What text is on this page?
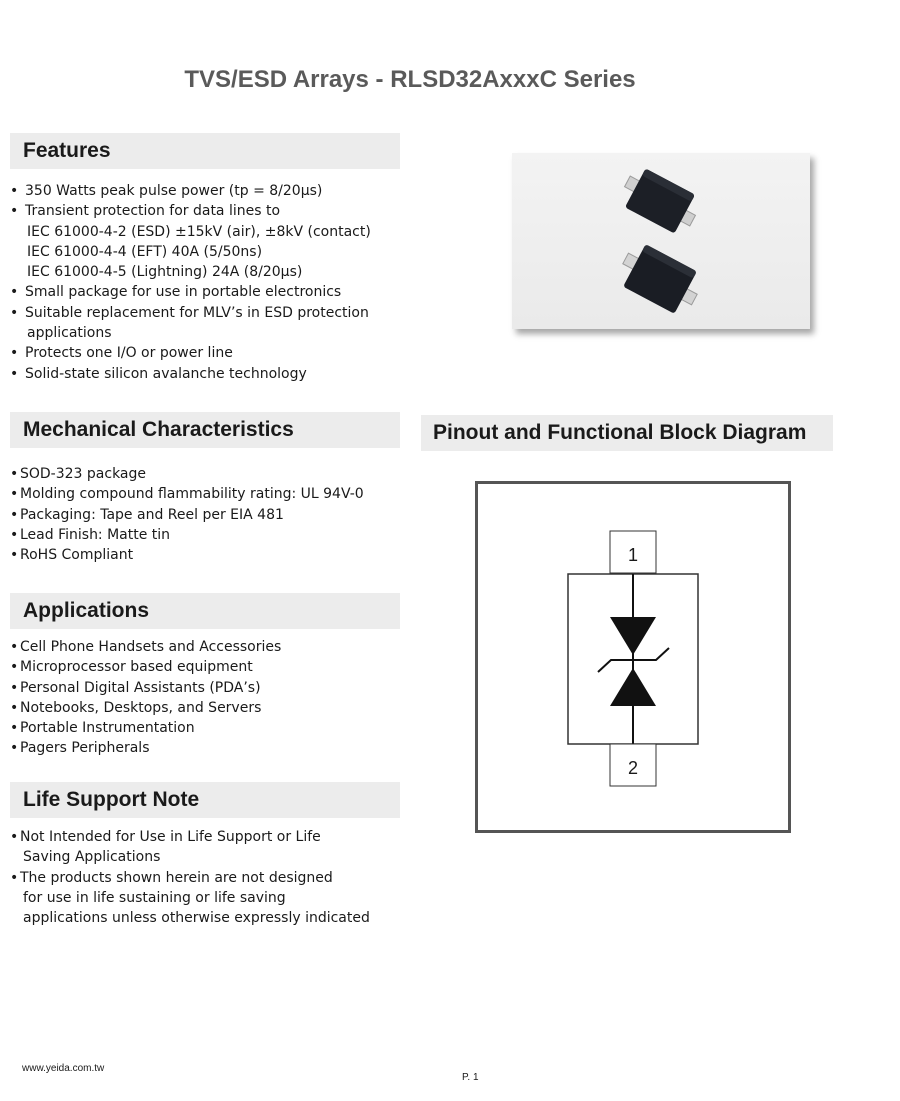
TVS/ESD Arrays - RLSD32AxxxC Series
Features
• 350 Watts peak pulse power (tp = 8/20µs)
• Transient protection for data lines to
IEC 61000-4-2 (ESD) ±15kV (air), ±8kV (contact)
IEC 61000-4-4 (EFT) 40A (5/50ns)
IEC 61000-4-5 (Lightning) 24A (8/20µs)
• Small package for use in portable electronics
• Suitable replacement for MLV’s in ESD protection
applications
• Protects one I/O or power line
• Solid-state silicon avalanche technology
Mechanical Characteristics
• SOD-323 package
• Molding compound flammability rating: UL 94V-0
• Packaging: Tape and Reel per EIA 481
• Lead Finish: Matte tin
• RoHS Compliant
Applications
• Cell Phone Handsets and Accessories
• Microprocessor based equipment
• Personal Digital Assistants (PDA’s)
• Notebooks, Desktops, and Servers
• Portable Instrumentation
• Pagers Peripherals
Life Support Note
• Not Intended for Use in Life Support or Life
Saving Applications
• The products shown herein are not designed
for use in life sustaining or life saving
applications unless otherwise expressly indicated
Pinout and Functional Block Diagram
1
2
www.yeida.com.tw
P. 1
